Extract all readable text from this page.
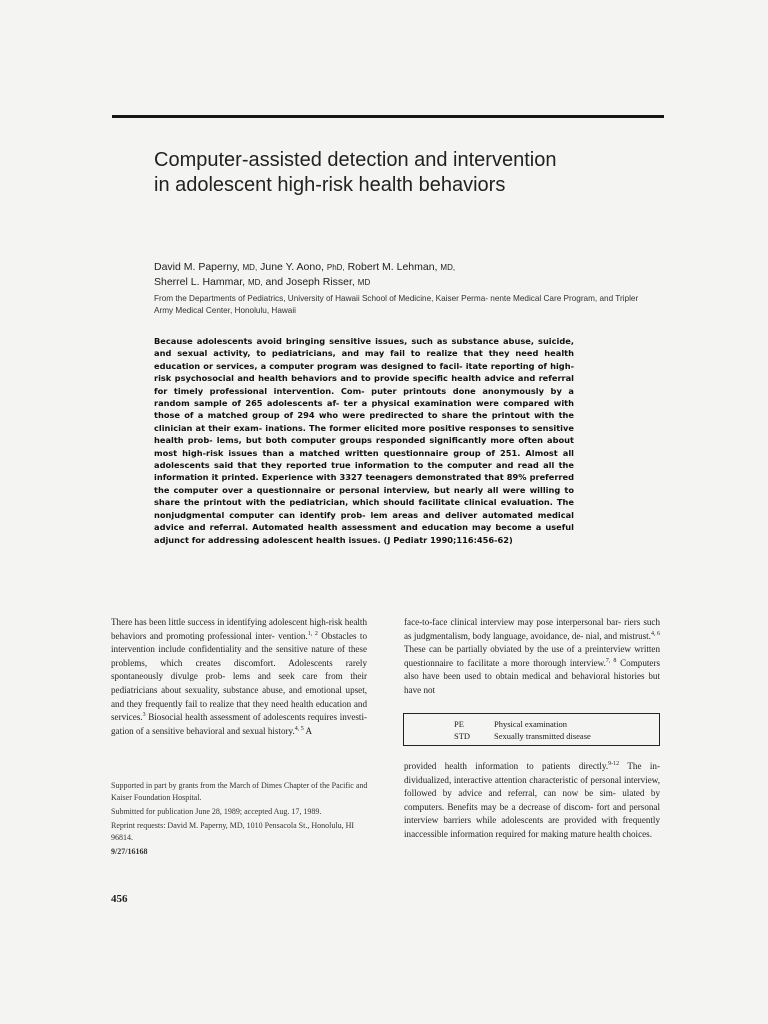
Computer-assisted detection and intervention in adolescent high-risk health behaviors
David M. Paperny, MD, June Y. Aono, PhD, Robert M. Lehman, MD,
Sherrel L. Hammar, MD, and Joseph Risser, MD

From the Departments of Pediatrics, University of Hawaii School of Medicine, Kaiser Perma- nente Medical Care Program, and Tripler Army Medical Center, Honolulu, Hawaii

Because adolescents avoid bringing sensitive issues, such as substance abuse, suicide, and sexual activity, to pediatricians, and may fail to realize that they need health education or services, a computer program was designed to facil- itate reporting of high-risk psychosocial and health behaviors and to provide specific health advice and referral for timely professional intervention. Com- puter printouts done anonymously by a random sample of 265 adolescents af- ter a physical examination were compared with those of a matched group of 294 who were predirected to share the printout with the clinician at their exam- inations. The former elicited more positive responses to sensitive health prob- lems, but both computer groups responded significantly more often about most high-risk issues than a matched written questionnaire group of 251. Almost all adolescents said that they reported true information to the computer and read all the information it printed. Experience with 3327 teenagers demonstrated that 89% preferred the computer over a questionnaire or personal interview, but nearly all were willing to share the printout with the pediatrician, which should facilitate clinical evaluation. The nonjudgmental computer can identify prob- lem areas and deliver automated medical advice and referral. Automated health assessment and education may become a useful adjunct for addressing adolescent health issues. (J Pediatr 1990;116:456-62)

There has been little success in identifying adolescent high-risk health behaviors and promoting professional inter- vention.$^{1, 2}$ Obstacles to intervention include confidentiality and the sensitive nature of these problems, which creates discomfort. Adolescents rarely spontaneously divulge prob- lems and seek care from their pediatricians about sexuality, substance abuse, and emotional upset, and they frequently fail to realize that they need health education and services.$^3$ Biosocial health assessment of adolescents requires investi- gation of a sensitive behavioral and sexual history.$^{4, 5}$ A

face-to-face clinical interview may pose interpersonal bar- riers such as judgmentalism, body language, avoidance, de- nial, and mistrust.$^{4, 6}$ These can be partially obviated by the use of a preinterview written questionnaire to facilitate a more thorough interview.$^{7, 8}$ Computers also have been used to obtain medical and behavioral histories but have not

PE	Physical examination
STD	Sexually transmitted disease

provided health information to patients directly.$^{9-12}$ The in- dividualized, interactive attention characteristic of personal interview, followed by advice and referral, can now be sim- ulated by computers. Benefits may be a decrease of discom- fort and personal interview barriers while adolescents are provided with frequently inaccessible information required for making mature health choices.

Supported in part by grants from the March of Dimes Chapter of the Pacific and Kaiser Foundation Hospital.

Submitted for publication June 28, 1989; accepted Aug. 17, 1989.

Reprint requests: David M. Paperny, MD, 1010 Pensacola St., Honolulu, HI 96814.

9/27/16168

456
